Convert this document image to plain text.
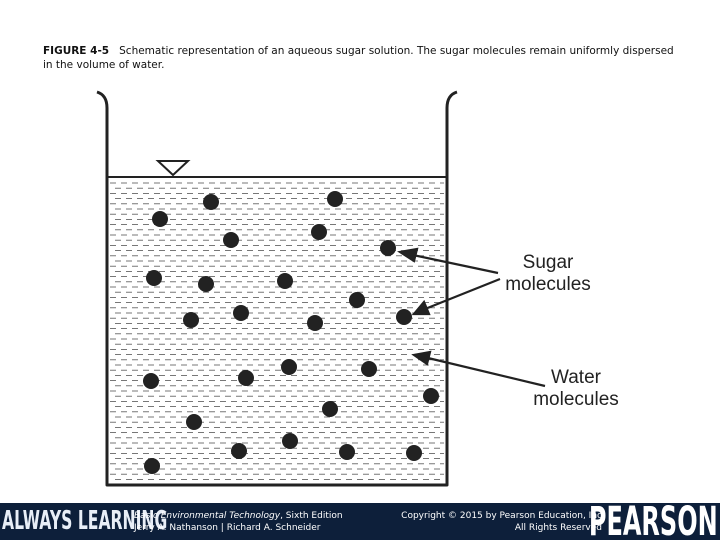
FIGURE 4-5 Schematic representation of an aqueous sugar solution. The sugar molecules remain uniformly dispersed in the volume of water.
Sugar
molecules
Water
molecules
ALWAYS LEARNING
Basic Environmental Technology, Sixth Edition
Jerry A. Nathanson | Richard A. Schneider
Copyright © 2015 by Pearson Education, Inc
All Rights Reserved
PEARSON
